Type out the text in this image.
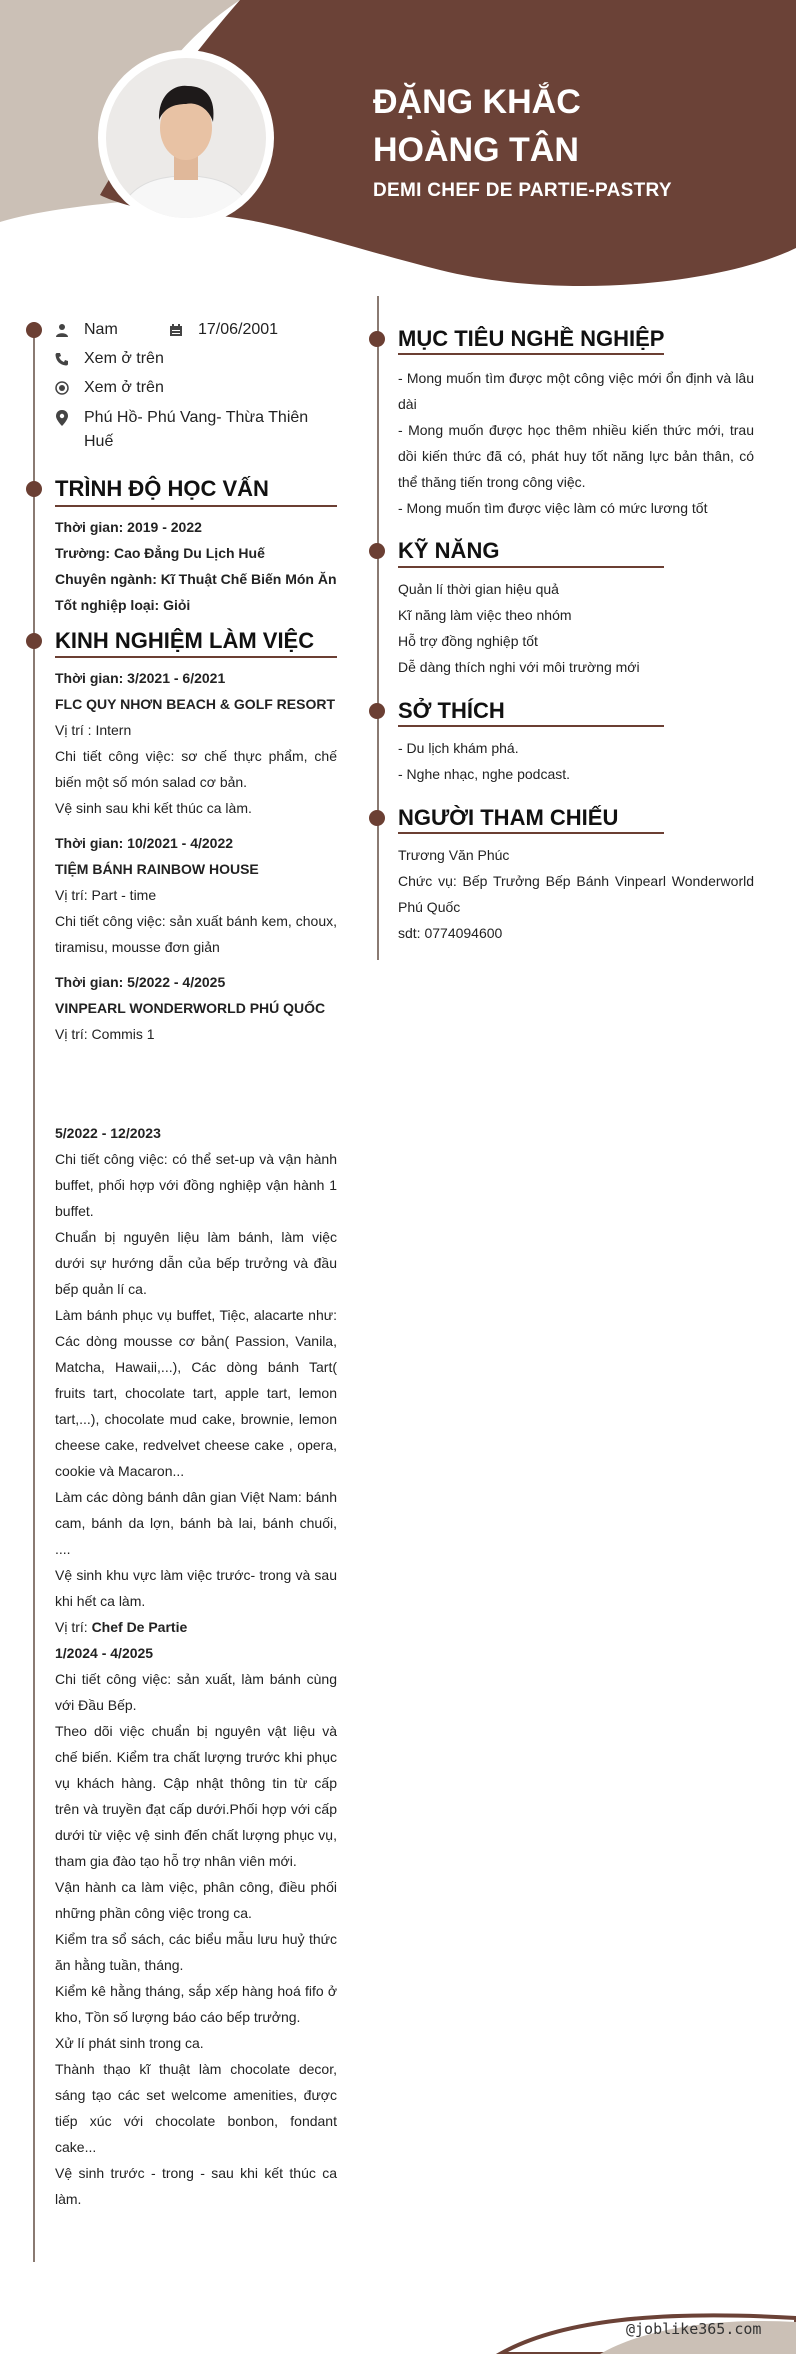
ĐẶNG KHẮC
HOÀNG TÂN
DEMI CHEF DE PARTIE-PASTRY
Nam	17/06/2001
Xem ở trên
Xem ở trên
Phú Hồ- Phú Vang- Thừa Thiên Huế
TRÌNH ĐỘ HỌC VẤN

Thời gian: 2019 - 2022

Trường: Cao Đẳng Du Lịch Huế

Chuyên ngành: Kĩ Thuật Chế Biến Món Ăn

Tốt nghiệp loại: Giỏi

KINH NGHIỆM LÀM VIỆC

Thời gian: 3/2021 - 6/2021

FLC QUY NHƠN BEACH & GOLF RESORT

Vị trí : Intern

Chi tiết công việc: sơ chế thực phẩm, chế biến một số món salad cơ bản.

Vệ sinh sau khi kết thúc ca làm.

Thời gian: 10/2021 - 4/2022

TIỆM BÁNH RAINBOW HOUSE

Vị trí: Part - time

Chi tiết công việc: sản xuất bánh kem, choux, tiramisu, mousse đơn giản

Thời gian: 5/2022 - 4/2025

VINPEARL WONDERWORLD PHÚ QUỐC

Vị trí: Commis 1

5/2022 - 12/2023

Chi tiết công việc: có thể set-up và vận hành buffet, phối hợp với đồng nghiệp vận hành 1 buffet.

Chuẩn bị nguyên liệu làm bánh, làm việc dưới sự hướng dẫn của bếp trưởng và đầu bếp quản lí ca.

Làm bánh phục vụ buffet, Tiệc, alacarte như: Các dòng mousse cơ bản( Passion, Vanila, Matcha, Hawaii,...), Các dòng bánh Tart( fruits tart, chocolate tart, apple tart, lemon tart,...), chocolate mud cake, brownie, lemon cheese cake, redvelvet cheese cake , opera, cookie và Macaron...

Làm các dòng bánh dân gian Việt Nam: bánh cam, bánh da lợn, bánh bà lai, bánh chuối, ....

Vệ sinh khu vực làm việc trước- trong và sau khi hết ca làm.

Vị trí: Chef De Partie

1/2024 - 4/2025

Chi tiết công việc: sản xuất, làm bánh cùng với Đầu Bếp.

Theo dõi việc chuẩn bị nguyên vật liệu và chế biến. Kiểm tra chất lượng trước khi phục vụ khách hàng. Cập nhật thông tin từ cấp trên và truyền đạt cấp dưới.Phối hợp với cấp dưới từ việc vệ sinh đến chất lượng phục vụ, tham gia đào tạo hỗ trợ nhân viên mới.

Vận hành ca làm việc, phân công, điều phối những phần công việc trong ca.

Kiểm tra sổ sách, các biểu mẫu lưu huỷ thức ăn hằng tuần, tháng.

Kiểm kê hằng tháng, sắp xếp hàng hoá fifo ở kho, Tồn số lượng báo cáo bếp trưởng.

Xử lí phát sinh trong ca.

Thành thạo kĩ thuật làm chocolate decor, sáng tạo các set welcome amenities, được tiếp xúc với chocolate bonbon, fondant cake...

Vệ sinh trước - trong - sau khi kết thúc ca làm.

MỤC TIÊU NGHỀ NGHIỆP

- Mong muốn tìm được một công việc mới ổn định và lâu dài

- Mong muốn được học thêm nhiều kiến thức mới, trau dồi kiến thức đã có, phát huy tốt năng lực bản thân, có thể thăng tiến trong công việc.

- Mong muốn tìm được việc làm có mức lương tốt

KỸ NĂNG

Quản lí thời gian hiệu quả

Kĩ năng làm việc theo nhóm

Hỗ trợ đồng nghiệp tốt

Dễ dàng thích nghi với môi trường mới

SỞ THÍCH

- Du lịch khám phá.

- Nghe nhạc, nghe podcast.

NGƯỜI THAM CHIẾU

Trương Văn Phúc

Chức vụ: Bếp Trưởng Bếp Bánh Vinpearl Wonderworld Phú Quốc

sdt: 0774094600

@joblike365.com
